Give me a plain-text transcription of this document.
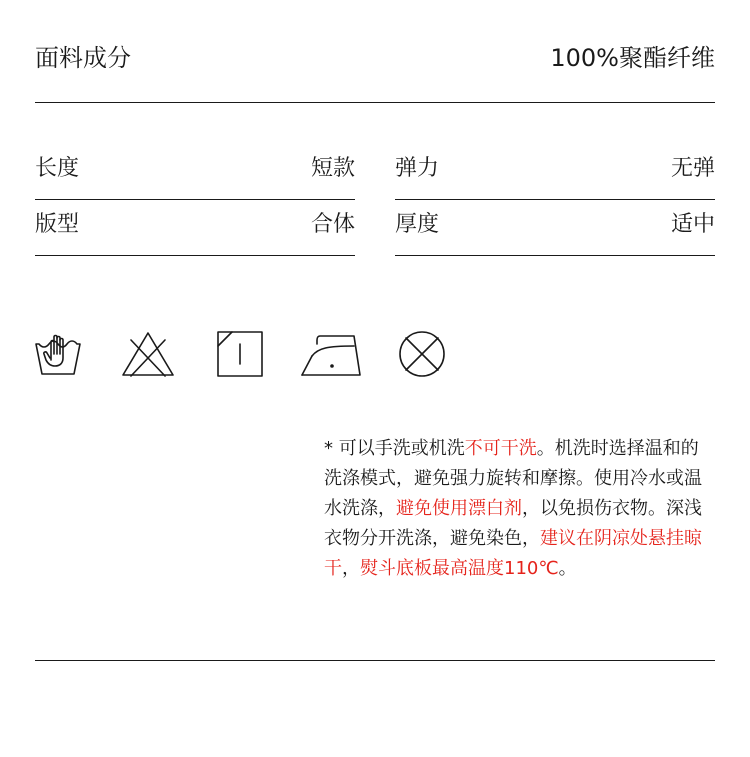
面料成分	100%聚酯纤维
长度	短款 弹力	无弹
版型	合体 厚度	适中
* 可以手洗或机洗不可干洗。机洗时选择温和的洗涤模式，避免强力旋转和摩擦。使用冷水或温水洗涤，避免使用漂白剂，以免损伤衣物。深浅衣物分开洗涤，避免染色，建议在阴凉处悬挂晾干，熨斗底板最高温度110℃。
